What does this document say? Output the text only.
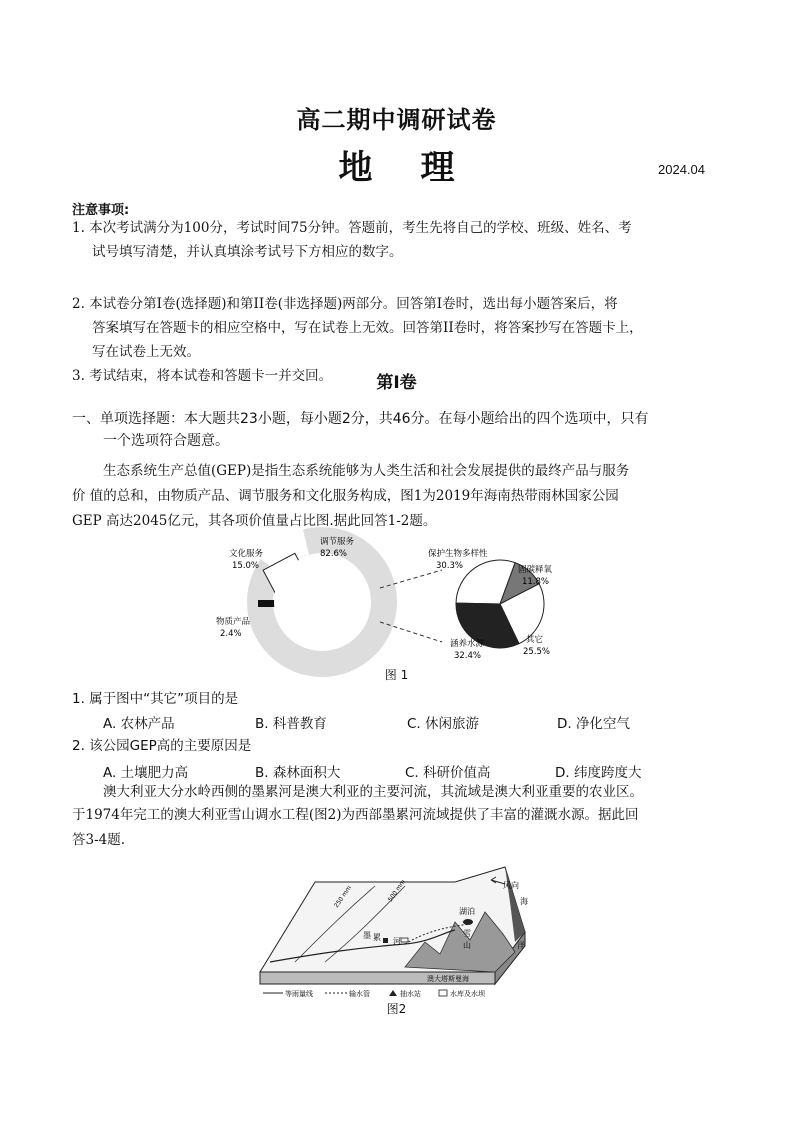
高二期中调研试卷
地 理	2024.04
注意事项:
1. 本次考试满分为100分，考试时间75分钟。答题前，考生先将自己的学校、班级、姓名、考
试号填写清楚，并认真填涂考试号下方相应的数字。
2. 本试卷分第I卷(选择题)和第II卷(非选择题)两部分。回答第I卷时，选出每小题答案后，将
答案填写在答题卡的相应空格中，写在试卷上无效。回答第II卷时，将答案抄写在答题卡上，
写在试卷上无效。
3. 考试结束，将本试卷和答题卡一并交回。	第I卷
一、单项选择题：本大题共23小题，每小题2分，共46分。在每小题给出的四个选项中，只有
一个选项符合题意。
生态系统生产总值(GEP)是指生态系统能够为人类生活和社会发展提供的最终产品与服务
价 值的总和，由物质产品、调节服务和文化服务构成，图1为2019年海南热带雨林国家公园
GEP 高达2045亿元，其各项价值量占比图.据此回答1-2题。
文化服务
15.0%
调节服务
82.6%
物质产品
2.4%
保护生物多样性
30.3%	固碳释氧
11.8%
涵养水源
32.4%
其它
25.5%
图 1
1. 属于图中“其它”项目的是
A. 农林产品	B. 科普教育	C. 休闲旅游	D. 净化空气
2. 该公园GEP高的主要原因是
A. 土壤肥力高	B. 森林面积大	C. 科研价值高	D. 纬度跨度大
澳大利亚大分水岭西侧的墨累河是澳大利亚的主要河流，其流域是澳大利亚重要的农业区。
于1974年完工的澳大利亚雪山调水工程(图2)为西部墨累河流域提供了丰富的灌溉水源。据此回
答3-4题.
风向
海
洋
湖泊
雪
山
墨 累 河
250 mm	500 mm
澳大塔斯曼海
等雨量线	输水管	抽水站	水库及水坝
图2
